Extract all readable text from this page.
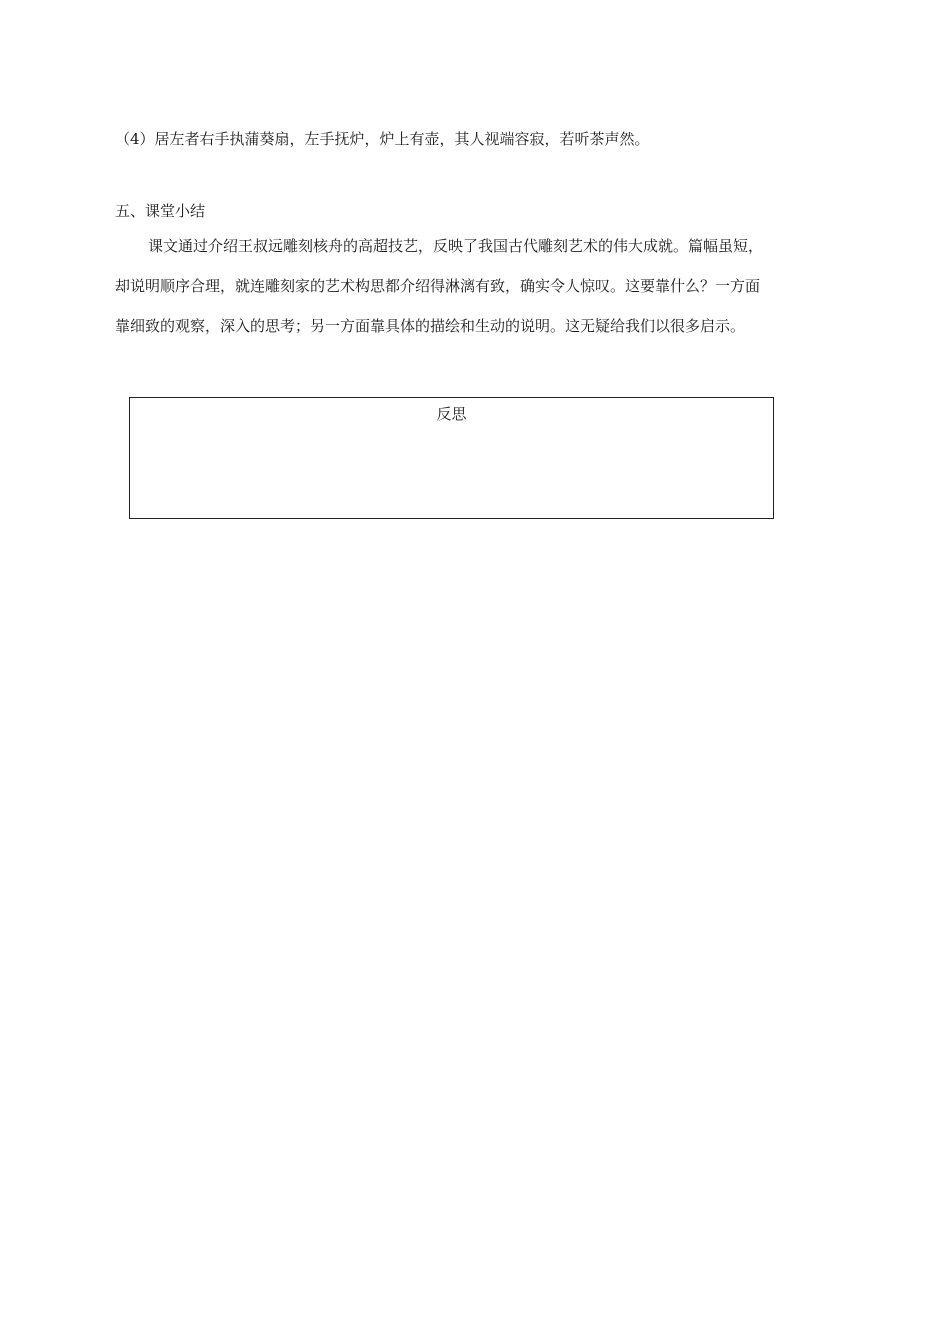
（4）居左者右手执蒲葵扇，左手抚炉，炉上有壶，其人视端容寂，若听茶声然。
五、课堂小结
课文通过介绍王叔远雕刻核舟的高超技艺，反映了我国古代雕刻艺术的伟大成就。篇幅虽短，
却说明顺序合理，就连雕刻家的艺术构思都介绍得淋漓有致，确实令人惊叹。这要靠什么？一方面
靠细致的观察，深入的思考；另一方面靠具体的描绘和生动的说明。这无疑给我们以很多启示。
反思
